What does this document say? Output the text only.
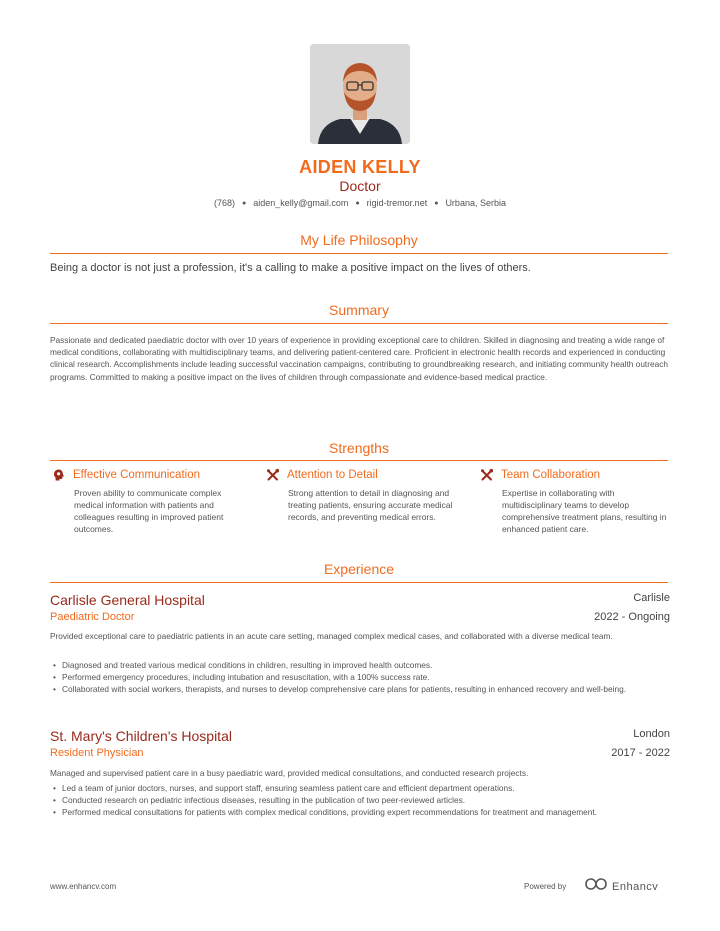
AIDEN KELLY
Doctor
(768) ● aiden_kelly@gmail.com ● rigid-tremor.net ● Urbana, Serbia
My Life Philosophy
Being a doctor is not just a profession, it's a calling to make a positive impact on the lives of others.
Summary
Passionate and dedicated paediatric doctor with over 10 years of experience in providing exceptional care to children. Skilled in diagnosing and treating a wide range of medical conditions, collaborating with multidisciplinary teams, and delivering patient-centered care. Proficient in electronic health records and experienced in conducting clinical research. Accomplishments include leading successful vaccination campaigns, contributing to groundbreaking research, and initiating community health outreach programs. Committed to making a positive impact on the lives of children through compassionate and evidence-based medical practice.
Strengths
Effective Communication
Proven ability to communicate complex medical information with patients and colleagues resulting in improved patient outcomes.
Attention to Detail
Strong attention to detail in diagnosing and treating patients, ensuring accurate medical records, and preventing medical errors.
Team Collaboration
Expertise in collaborating with multidisciplinary teams to develop comprehensive treatment plans, resulting in enhanced patient care.
Experience
Carlisle General Hospital	Carlisle
Paediatric Doctor	2022 - Ongoing
Provided exceptional care to paediatric patients in an acute care setting, managed complex medical cases, and collaborated with a diverse medical team.
• Diagnosed and treated various medical conditions in children, resulting in improved health outcomes.
• Performed emergency procedures, including intubation and resuscitation, with a 100% success rate.
• Collaborated with social workers, therapists, and nurses to develop comprehensive care plans for patients, resulting in enhanced recovery and well-being.
St. Mary's Children's Hospital	London
Resident Physician	2017 - 2022
Managed and supervised patient care in a busy paediatric ward, provided medical consultations, and conducted research projects.
• Led a team of junior doctors, nurses, and support staff, ensuring seamless patient care and efficient department operations.
• Conducted research on pediatric infectious diseases, resulting in the publication of two peer-reviewed articles.
• Performed medical consultations for patients with complex medical conditions, providing expert recommendations for treatment and management.
www.enhancv.com	Powered by	Enhancv
